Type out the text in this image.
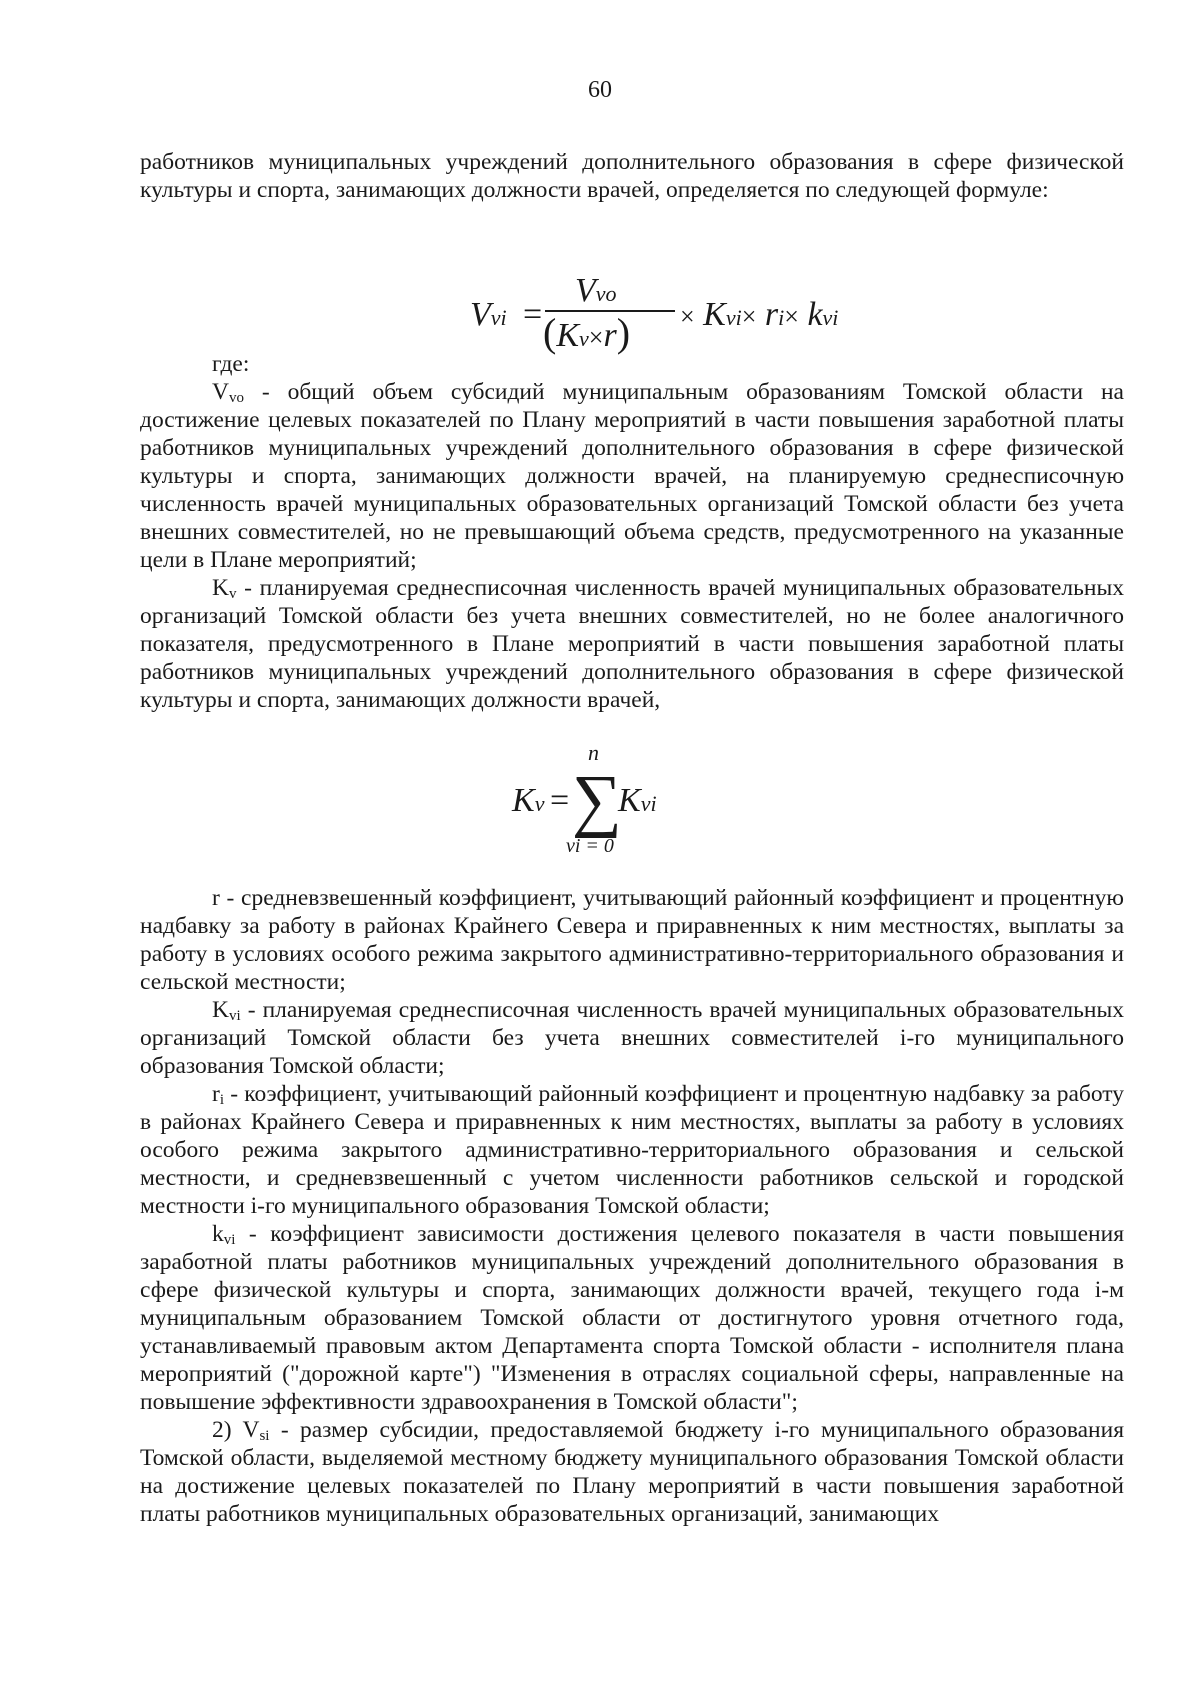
60

работников муниципальных учреждений дополнительного образования в сфере физической культуры и спорта, занимающих должности врачей, определяется по следующей формуле:

Vvi =
Vvo
(Kv×r) × Kvi× ri× kvi

где:

$V_{vo}$ - общий объем субсидий муниципальным образованиям Томской области на достижение целевых показателей по Плану мероприятий в части повышения заработной платы работников муниципальных учреждений дополнительного образования в сфере физической культуры и спорта, занимающих должности врачей, на планируемую среднесписочную численность врачей муниципальных образовательных организаций Томской области без учета внешних совместителей, но не превышающий объема средств, предусмотренного на указанные цели в Плане мероприятий;

$K_v$ - планируемая среднесписочная численность врачей муниципальных образовательных организаций Томской области без учета внешних совместителей, но не более аналогичного показателя, предусмотренного в Плане мероприятий в части повышения заработной платы работников муниципальных учреждений дополнительного образования в сфере физической культуры и спорта, занимающих должности врачей,

Kv =
n
∑
vi = 0
Kvi

r - средневзвешенный коэффициент, учитывающий районный коэффициент и процентную надбавку за работу в районах Крайнего Севера и приравненных к ним местностях, выплаты за работу в условиях особого режима закрытого административно-территориального образования и сельской местности;

$K_{vi}$ - планируемая среднесписочная численность врачей муниципальных образовательных организаций Томской области без учета внешних совместителей i-го муниципального образования Томской области;

$r_i$ - коэффициент, учитывающий районный коэффициент и процентную надбавку за работу в районах Крайнего Севера и приравненных к ним местностях, выплаты за работу в условиях особого режима закрытого административно-территориального образования и сельской местности, и средневзвешенный с учетом численности работников сельской и городской местности i-го муниципального образования Томской области;

$k_{vi}$ - коэффициент зависимости достижения целевого показателя в части повышения заработной платы работников муниципальных учреждений дополнительного образования в сфере физической культуры и спорта, занимающих должности врачей, текущего года i-м муниципальным образованием Томской области от достигнутого уровня отчетного года, устанавливаемый правовым актом Департамента спорта Томской области - исполнителя плана мероприятий ("дорожной карте") "Изменения в отраслях социальной сферы, направленные на повышение эффективности здравоохранения в Томской области";

2) $V_{si}$ - размер субсидии, предоставляемой бюджету i-го муниципального образования Томской области, выделяемой местному бюджету муниципального образования Томской области на достижение целевых показателей по Плану мероприятий в части повышения заработной платы работников муниципальных образовательных организаций, занимающих
